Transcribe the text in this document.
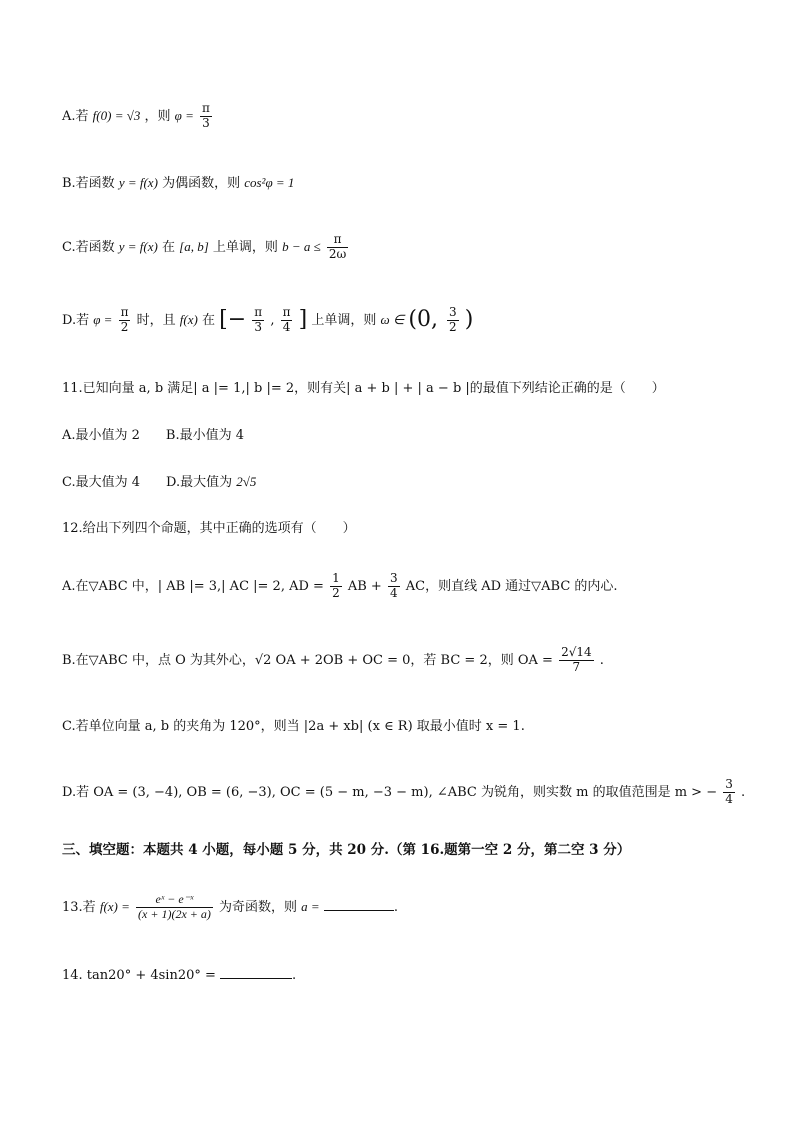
A.若 f(0) = √3 ，则 $\varphi = \frac{\pi}{3}$
B.若函数 y = f(x) 为偶函数，则 cos²φ = 1
C.若函数 y = f(x) 在 [a, b] 上单调，则 $b - a \le \frac{\pi}{2\omega}$
D.若 $\varphi = \frac{\pi}{2}$ 时，且 f(x) 在 [− $\frac{\pi}{3}$ , $\frac{\pi}{4}$ ] 上单调，则 ω ∈ (0, $\frac{3}{2}$ )
11.已知向量 a, b 满足| a |= 1,| b |= 2，则有关| a + b | + | a − b |的最值下列结论正确的是（　　）
A.最小值为 2　　B.最小值为 4
C.最大值为 4　　D.最大值为 2√5
12.给出下列四个命题，其中正确的选项有（　　）
A.在▽ABC 中，| AB |= 3,| AC |= 2, AD = $\frac{1}{2}$ AB + $\frac{3}{4}$ AC，则直线 AD 通过▽ABC 的内心.
B.在▽ABC 中，点 O 为其外心，√2 OA + 2OB + OC = 0，若 BC = 2，则 OA = $\frac{2√14}{7}$ .
C.若单位向量 a, b 的夹角为 120°，则当 |2a + xb| (x ∈ R) 取最小值时 x = 1.
D.若 OA = (3, −4), OB = (6, −3), OC = (5 − m, −3 − m), ∠ABC 为锐角，则实数 m 的取值范围是 m > − $\frac{3}{4}$ .
三、填空题：本题共 4 小题，每小题 5 分，共 20 分.（第 16.题第一空 2 分，第二空 3 分）
13.若 $f(x) = \frac{\text{eˣ − e⁻ˣ}}{(x + 1)(2x + a)}$ 为奇函数，则 a =	.
14. tan20° + 4sin20° =	.
